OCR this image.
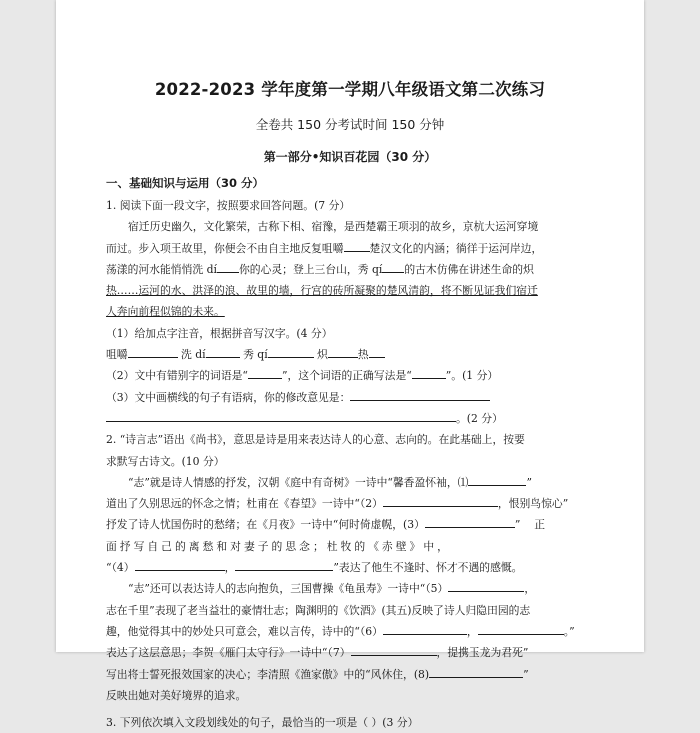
2022-2023 学年度第一学期八年级语文第二次练习
全卷共 150 分考试时间 150 分钟
第一部分•知识百花园（30 分）
一、基础知识与运用（30 分）
1. 阅读下面一段文字，按照要求回答问题。(7 分）
宿迁历史幽久，文化繁荣，古称下相、宿豫，是西楚霸王项羽的故乡，京杭大运河穿境
而过。步入项王故里，你便会不由自主地反复咀嚼 楚汉文化的内涵；徜徉于运河岸边，
荡漾的河水能悄悄洗 dí 你的心灵；登上三台山，秀 qí 的古木仿佛在讲述生命的炽
热……运河的水、洪泽的浪、故里的墙，行宫的砖所凝聚的楚风清韵，将不断见证我们宿迁
人奔向前程似锦的未来。
（1）给加点字注音，根据拼音写汉字。(4 分）
咀嚼	洗 dí	秀 qí	炽	热
（2）文中有错别字的词语是“	”，这个词语的正确写法是“	”。(1 分）
（3）文中画横线的句子有语病，你的修改意见是：
。(2 分）
2. “诗言志”语出《尚书》，意思是诗是用来表达诗人的心意、志向的。在此基础上，按要
求默写古诗文。(10 分）
“志”就是诗人情感的抒发，汉朝《庭中有奇树》一诗中“馨香盈怀袖，⑴	”
道出了久别思远的怀念之情；杜甫在《春望》一诗中“（2）	，恨别鸟惊心”
抒发了诗人忧国伤时的愁绪；在《月夜》一诗中“何时倚虚幌，(3）	” 正
面抒写自己的离愁和对妻子的思念；杜牧的《赤壁》中，
“（4）	，	”表达了他生不逢时、怀才不遇的感慨。
“志”还可以表达诗人的志向抱负，三国曹操《龟虽寿》一诗中“（5）	，
志在千里”表现了老当益壮的豪情壮志；陶渊明的《饮酒》(其五)反映了诗人归隐田园的志
趣，他觉得其中的妙处只可意会，难以言传，诗中的“（6）	，	。”
表达了这层意思；李贺《雁门太守行》一诗中“（7）	，提携玉龙为君死”
写出将士誓死报效国家的决心；李清照《渔家傲》中的“风休住，(8)	”
反映出她对美好境界的追求。
3. 下列依次填入文段划线处的句子，最恰当的一项是（ ）(3 分）
